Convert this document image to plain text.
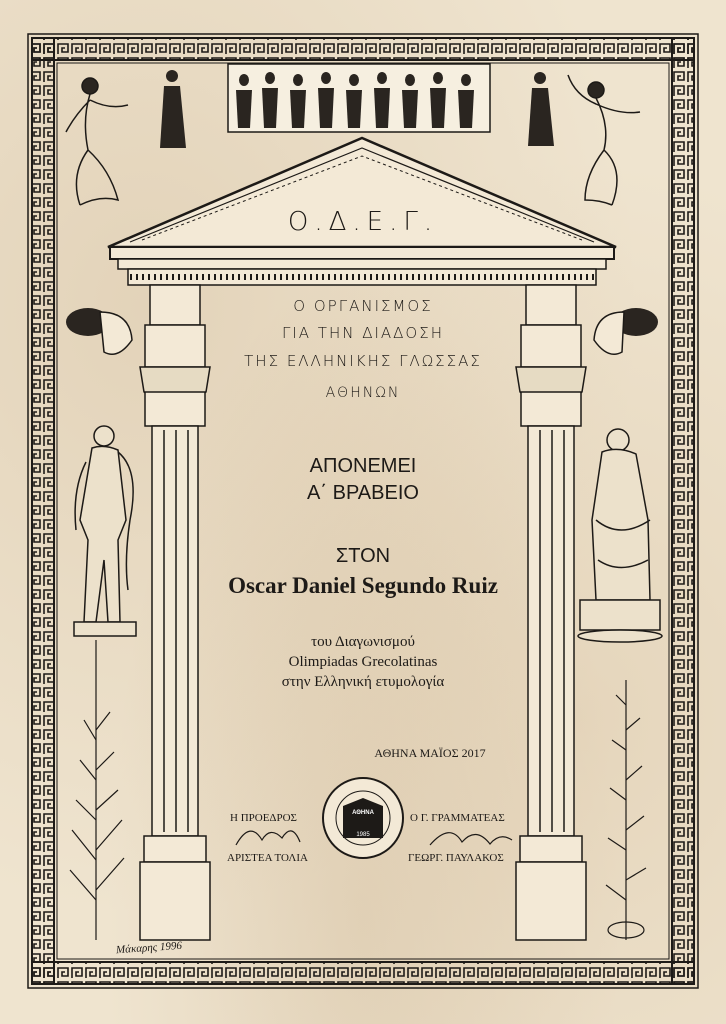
Ο.Δ.Ε.Γ.
Ο ΟΡΓΑΝΙΣΜΟΣ
ΓΙΑ ΤΗΝ ΔΙΑΔΟΣΗ
ΤΗΣ ΕΛΛΗΝΙΚΗΣ ΓΛΩΣΣΑΣ
ΑΘΗΝΩΝ
ΑΠΟΝΕΜΕΙ
Α΄ ΒΡΑΒΕΙΟ
ΣΤΟΝ
Oscar Daniel Segundo Ruiz
του Διαγωνισμού
Olimpiadas Grecolatinas
στην Ελληνική ετυμολογία
ΑΘΗΝΑ ΜΑΪΟΣ 2017
Η ΠΡΟΕΔΡΟΣ
ΑΡΙΣΤΕΑ ΤΟΛΙΑ
Ο Γ. ΓΡΑΜΜΑΤΕΑΣ
ΓΕΩΡΓ. ΠΑΥΛΑΚΟΣ
ΑΘΗΝΑ
1985
Μάκαρης 1996
